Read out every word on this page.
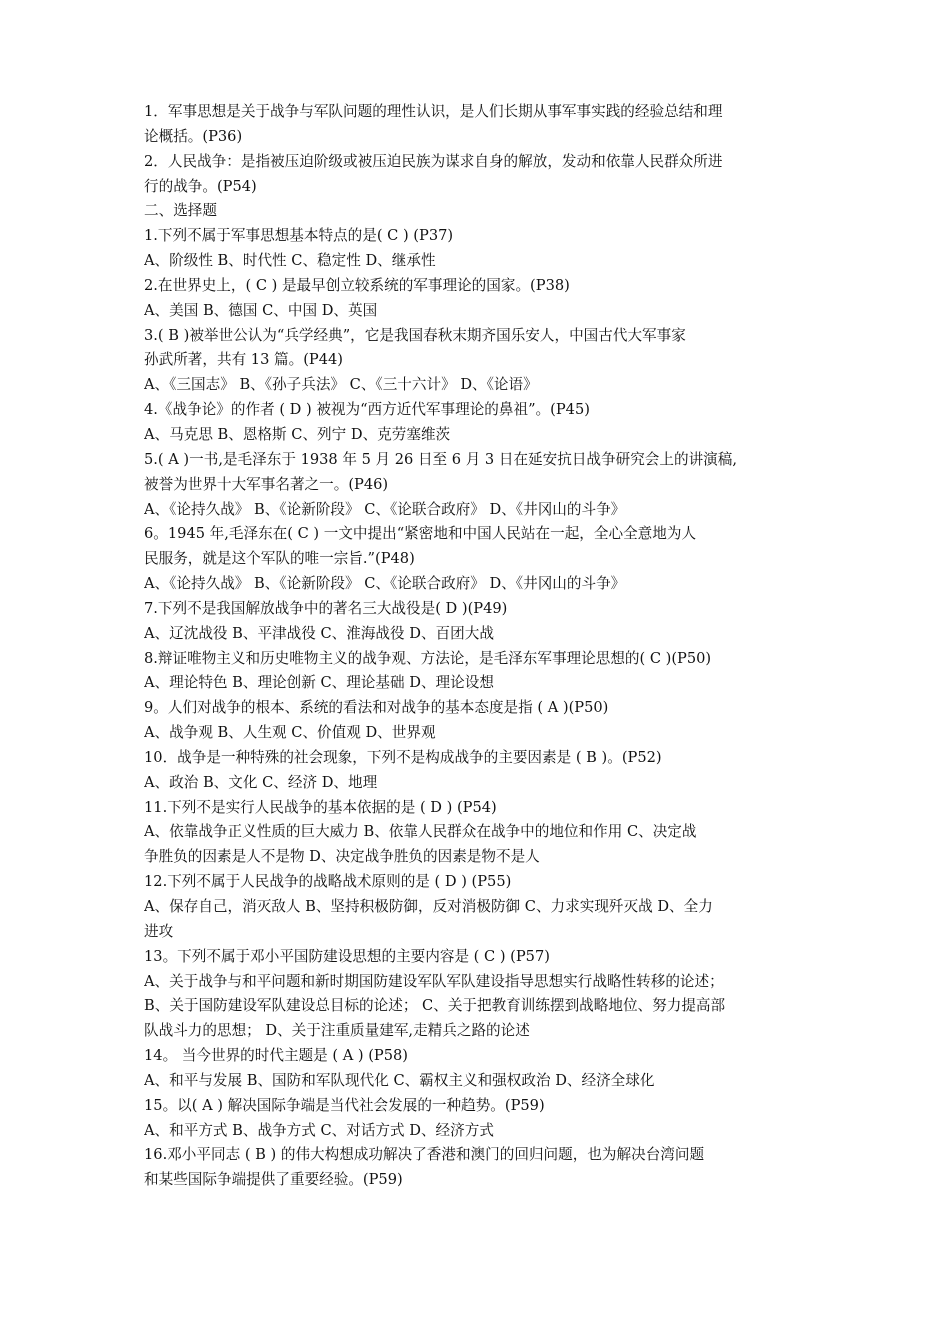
1．军事思想是关于战争与军队问题的理性认识，是人们长期从事军事实践的经验总结和理
论概括。(P36)
2．人民战争：是指被压迫阶级或被压迫民族为谋求自身的解放，发动和依靠人民群众所进
行的战争。(P54)
二、选择题
1.下列不属于军事思想基本特点的是( C ) (P37)
A、阶级性 B、时代性 C、稳定性 D、继承性
2.在世界史上，( C ) 是最早创立较系统的军事理论的国家。(P38)
A、美国 B、德国 C、中国 D、英国
3.( B )被举世公认为“兵学经典”，它是我国春秋末期齐国乐安人，中国古代大军事家
孙武所著，共有 13 篇。(P44)
A、《三国志》 B、《孙子兵法》 C、《三十六计》 D、《论语》
4.《战争论》的作者 ( D ) 被视为“西方近代军事理论的鼻祖”。(P45)
A、马克思 B、恩格斯 C、列宁 D、克劳塞维茨
5.( A )一书,是毛泽东于 1938 年 5 月 26 日至 6 月 3 日在延安抗日战争研究会上的讲演稿,
被誉为世界十大军事名著之一。(P46)
A、《论持久战》 B、《论新阶段》 C、《论联合政府》 D、《井冈山的斗争》
6。1945 年,毛泽东在( C ) 一文中提出“紧密地和中国人民站在一起，全心全意地为人
民服务，就是这个军队的唯一宗旨.”(P48)
A、《论持久战》 B、《论新阶段》 C、《论联合政府》 D、《井冈山的斗争》
7.下列不是我国解放战争中的著名三大战役是( D )(P49)
A、辽沈战役 B、平津战役 C、淮海战役 D、百团大战
8.辩证唯物主义和历史唯物主义的战争观、方法论，是毛泽东军事理论思想的( C )(P50)
A、理论特色 B、理论创新 C、理论基础 D、理论设想
9。人们对战争的根本、系统的看法和对战争的基本态度是指 ( A )(P50)
A、战争观 B、人生观 C、价值观 D、世界观
10．战争是一种特殊的社会现象，下列不是构成战争的主要因素是 ( B )。(P52)
A、政治 B、文化 C、经济 D、地理
11.下列不是实行人民战争的基本依据的是 ( D ) (P54)
A、依靠战争正义性质的巨大威力 B、依靠人民群众在战争中的地位和作用 C、决定战
争胜负的因素是人不是物 D、决定战争胜负的因素是物不是人
12.下列不属于人民战争的战略战术原则的是 ( D ) (P55)
A、保存自己，消灭敌人 B、坚持积极防御，反对消极防御 C、力求实现歼灭战 D、全力
进攻
13。下列不属于邓小平国防建设思想的主要内容是 ( C ) (P57)
A、关于战争与和平问题和新时期国防建设军队军队建设指导思想实行战略性转移的论述；
B、关于国防建设军队建设总目标的论述； C、关于把教育训练摆到战略地位、努力提高部
队战斗力的思想； D、关于注重质量建军,走精兵之路的论述
14。 当今世界的时代主题是 ( A ) (P58)
A、和平与发展 B、国防和军队现代化 C、霸权主义和强权政治 D、经济全球化
15。以( A ) 解决国际争端是当代社会发展的一种趋势。(P59)
A、和平方式 B、战争方式 C、对话方式 D、经济方式
16.邓小平同志 ( B ) 的伟大构想成功解决了香港和澳门的回归问题，也为解决台湾问题
和某些国际争端提供了重要经验。(P59)
